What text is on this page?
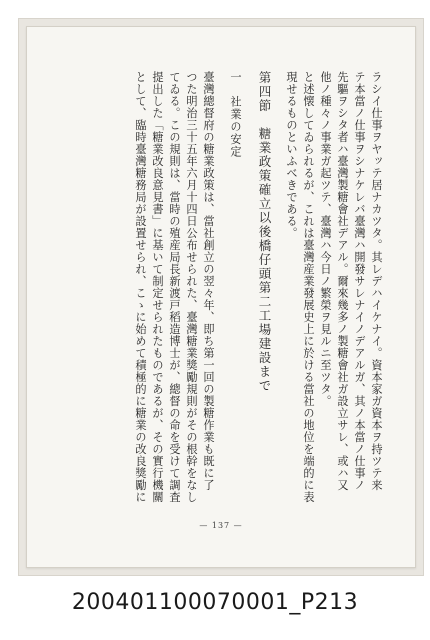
ラシイ仕事ヲヤッテ居ナカツタ。其レデハイケナイ。資本家ガ資本ヲ持ツテ来
テ本當ノ仕事ヲシナケレバ臺灣ハ開發サレナイノデアルガ、其ノ本當ノ仕事ノ
先驅ヲシタ者ハ臺灣製糖會社デアル。爾來幾多ノ製糖會社ガ設立サレ、或ハ又
他ノ種々ノ事業ガ起ツテ、臺灣ハ今日ノ繁榮ヲ見ルニ至ツタ。
と述懐してゐられるが、これは臺灣産業發展史上に於ける當社の地位を端的に表
現せるものといふべきである。
第四節　糖業政策確立以後橋仔頭第二工場建設まで
一　社業の安定
臺灣總督府の糖業政策は、當社創立の翌々年、即ち第一回の製糖作業も既に了
つた明治三十五年六月十四日公布せられた、臺灣糖業獎勵規則がその根幹をなし
てゐる。この規則は、當時の殖産局長新渡戸稻造博士が、總督の命を受けて調査
提出した「糖業改良意見書」に基いて制定せられたものであるが、その實行機關
として、臨時臺灣糖務局が設置せられ、こゝに始めて積極的に糖業の改良獎勵に
— 137 —
200401100070001_P213
